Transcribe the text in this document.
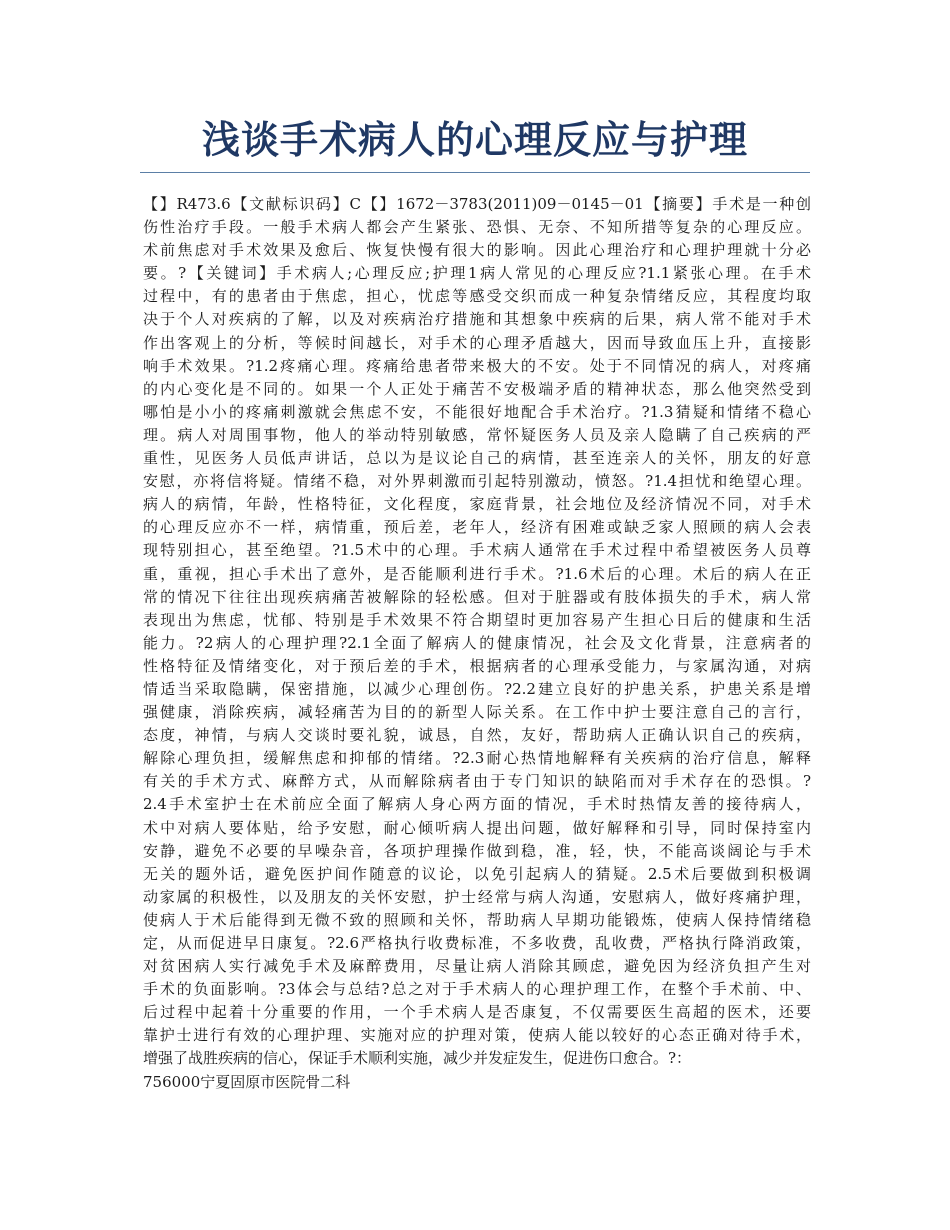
浅谈手术病人的心理反应与护理
【】R473.6【文献标识码】C【】1672－3783(2011)09－0145－01【摘要】手术是一种创
伤性治疗手段。一般手术病人都会产生紧张、恐惧、无奈、不知所措等复杂的心理反应。
术前焦虑对手术效果及愈后、恢复快慢有很大的影响。因此心理治疗和心理护理就十分必
要。?【关键词】手术病人;心理反应;护理1病人常见的心理反应?1.1紧张心理。在手术
过程中，有的患者由于焦虑，担心，忧虑等感受交织而成一种复杂情绪反应，其程度均取
决于个人对疾病的了解，以及对疾病治疗措施和其想象中疾病的后果，病人常不能对手术
作出客观上的分析，等候时间越长，对手术的心理矛盾越大，因而导致血压上升，直接影
响手术效果。?1.2疼痛心理。疼痛给患者带来极大的不安。处于不同情况的病人，对疼痛
的内心变化是不同的。如果一个人正处于痛苦不安极端矛盾的精神状态，那么他突然受到
哪怕是小小的疼痛刺激就会焦虑不安，不能很好地配合手术治疗。?1.3猜疑和情绪不稳心
理。病人对周围事物，他人的举动特别敏感，常怀疑医务人员及亲人隐瞒了自己疾病的严
重性，见医务人员低声讲话，总以为是议论自己的病情，甚至连亲人的关怀，朋友的好意
安慰，亦将信将疑。情绪不稳，对外界刺激而引起特别激动，愤怒。?1.4担忧和绝望心理。
病人的病情，年龄，性格特征，文化程度，家庭背景，社会地位及经济情况不同，对手术
的心理反应亦不一样，病情重，预后差，老年人，经济有困难或缺乏家人照顾的病人会表
现特别担心，甚至绝望。?1.5术中的心理。手术病人通常在手术过程中希望被医务人员尊
重，重视，担心手术出了意外，是否能顺利进行手术。?1.6术后的心理。术后的病人在正
常的情况下往往出现疾病痛苦被解除的轻松感。但对于脏器或有肢体损失的手术，病人常
表现出为焦虑，忧郁、特别是手术效果不符合期望时更加容易产生担心日后的健康和生活
能力。?2病人的心理护理?2.1全面了解病人的健康情况，社会及文化背景，注意病者的
性格特征及情绪变化，对于预后差的手术，根据病者的心理承受能力，与家属沟通，对病
情适当采取隐瞒，保密措施，以减少心理创伤。?2.2建立良好的护患关系，护患关系是增
强健康，消除疾病，减轻痛苦为目的的新型人际关系。在工作中护士要注意自己的言行，
态度，神情，与病人交谈时要礼貌，诚恳，自然，友好，帮助病人正确认识自己的疾病，
解除心理负担，缓解焦虑和抑郁的情绪。?2.3耐心热情地解释有关疾病的治疗信息，解释
有关的手术方式、麻醉方式，从而解除病者由于专门知识的缺陷而对手术存在的恐惧。?
2.4手术室护士在术前应全面了解病人身心两方面的情况，手术时热情友善的接待病人，
术中对病人要体贴，给予安慰，耐心倾听病人提出问题，做好解释和引导，同时保持室内
安静，避免不必要的早噪杂音，各项护理操作做到稳，准，轻，快，不能高谈阔论与手术
无关的题外话，避免医护间作随意的议论，以免引起病人的猜疑。2.5术后要做到积极调
动家属的积极性，以及朋友的关怀安慰，护士经常与病人沟通，安慰病人，做好疼痛护理，
使病人于术后能得到无微不致的照顾和关怀，帮助病人早期功能锻炼，使病人保持情绪稳
定，从而促进早日康复。?2.6严格执行收费标准，不多收费，乱收费，严格执行降消政策，
对贫困病人实行减免手术及麻醉费用，尽量让病人消除其顾虑，避免因为经济负担产生对
手术的负面影响。?3体会与总结?总之对于手术病人的心理护理工作，在整个手术前、中、
后过程中起着十分重要的作用，一个手术病人是否康复，不仅需要医生高超的医术，还要
靠护士进行有效的心理护理、实施对应的护理对策，使病人能以较好的心态正确对待手术，
增强了战胜疾病的信心，保证手术顺利实施，减少并发症发生，促进伤口愈合。?：
756000宁夏固原市医院骨二科
